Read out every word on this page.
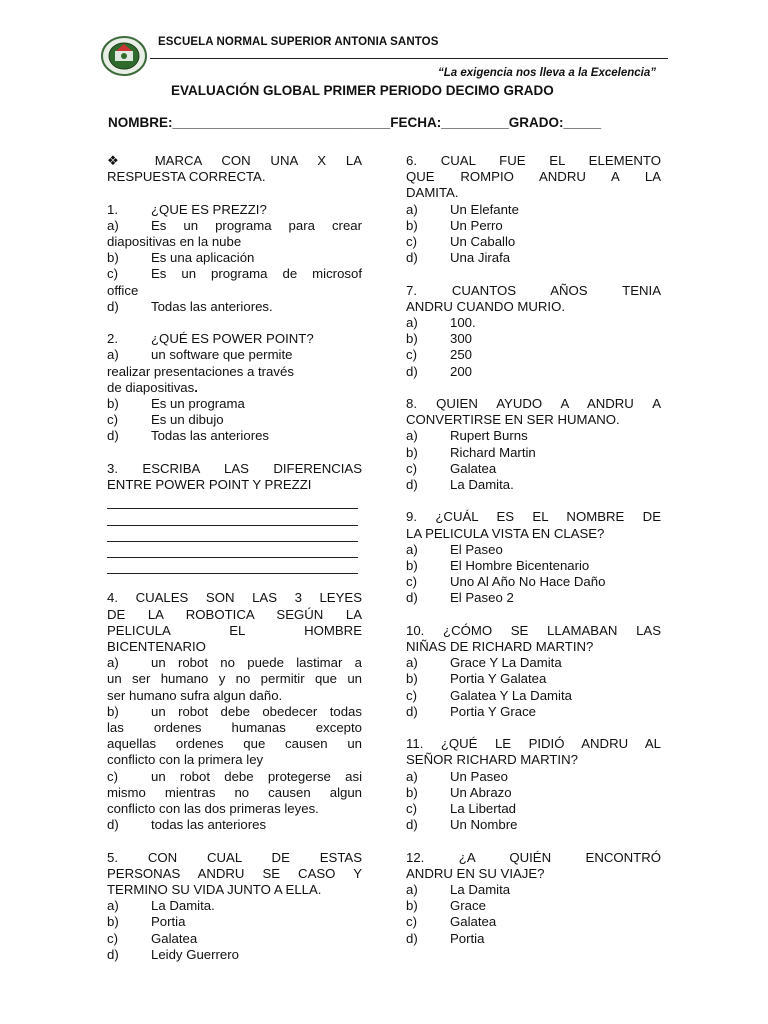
ESCUELA NORMAL SUPERIOR ANTONIA SANTOS
“La exigencia nos lleva a la Excelencia”
EVALUACIÓN GLOBAL PRIMER PERIODO DECIMO GRADO
NOMBRE:_____________________________FECHA:_________GRADO:_____
❖ MARCA CON UNA X LA
RESPUESTA CORRECTA.
1.	¿QUE ES PREZZI?
a)	Es un programa para crear
diapositivas en la nube
b)	Es una aplicación
c)	Es un programa de microsof
office
d)	Todas las anteriores.
2.	¿QUÉ ES POWER POINT?
a)	un software que permite
realizar presentaciones a través
de diapositivas.
b)	Es un programa
c)	Es un dibujo
d)	Todas las anteriores
3. ESCRIBA LAS DIFERENCIAS
ENTRE POWER POINT Y PREZZI
4. CUALES SON LAS 3 LEYES
DE LA ROBOTICA SEGÚN LA
PELICULA EL HOMBRE
BICENTENARIO
a)	un robot no puede lastimar a
un ser humano y no permitir que un
ser humano sufra algun daño.
b)	un robot debe obedecer todas
las ordenes humanas excepto
aquellas ordenes que causen un
conflicto con la primera ley
c)	un robot debe protegerse asi
mismo mientras no causen algun
conflicto con las dos primeras leyes.
d)	todas las anteriores
5. CON CUAL DE ESTAS
PERSONAS ANDRU SE CASO Y
TERMINO SU VIDA JUNTO A ELLA.
a)	La Damita.
b)	Portia
c)	Galatea
d)	Leidy Guerrero
6. CUAL FUE EL ELEMENTO
QUE ROMPIO ANDRU A LA
DAMITA.
a)	Un Elefante
b)	Un Perro
c)	Un Caballo
d)	Una Jirafa
7. CUANTOS AÑOS TENIA
ANDRU CUANDO MURIO.
a)	100.
b)	300
c)	250
d)	200
8. QUIEN AYUDO A ANDRU A
CONVERTIRSE EN SER HUMANO.
a)	Rupert Burns
b)	Richard Martin
c)	Galatea
d)	La Damita.
9. ¿CUÁL ES EL NOMBRE DE
LA PELICULA VISTA EN CLASE?
a)	El Paseo
b)	El Hombre Bicentenario
c)	Uno Al Año No Hace Daño
d)	El Paseo 2
10. ¿CÓMO SE LLAMABAN LAS
NIÑAS DE RICHARD MARTIN?
a)	Grace Y La Damita
b)	Portia Y Galatea
c)	Galatea Y La Damita
d)	Portia Y Grace
11. ¿QUÉ LE PIDIÓ ANDRU AL
SEÑOR RICHARD MARTIN?
a)	Un Paseo
b)	Un Abrazo
c)	La Libertad
d)	Un Nombre
12. ¿A QUIÉN ENCONTRÓ
ANDRU EN SU VIAJE?
a)	La Damita
b)	Grace
c)	Galatea
d)	Portia
